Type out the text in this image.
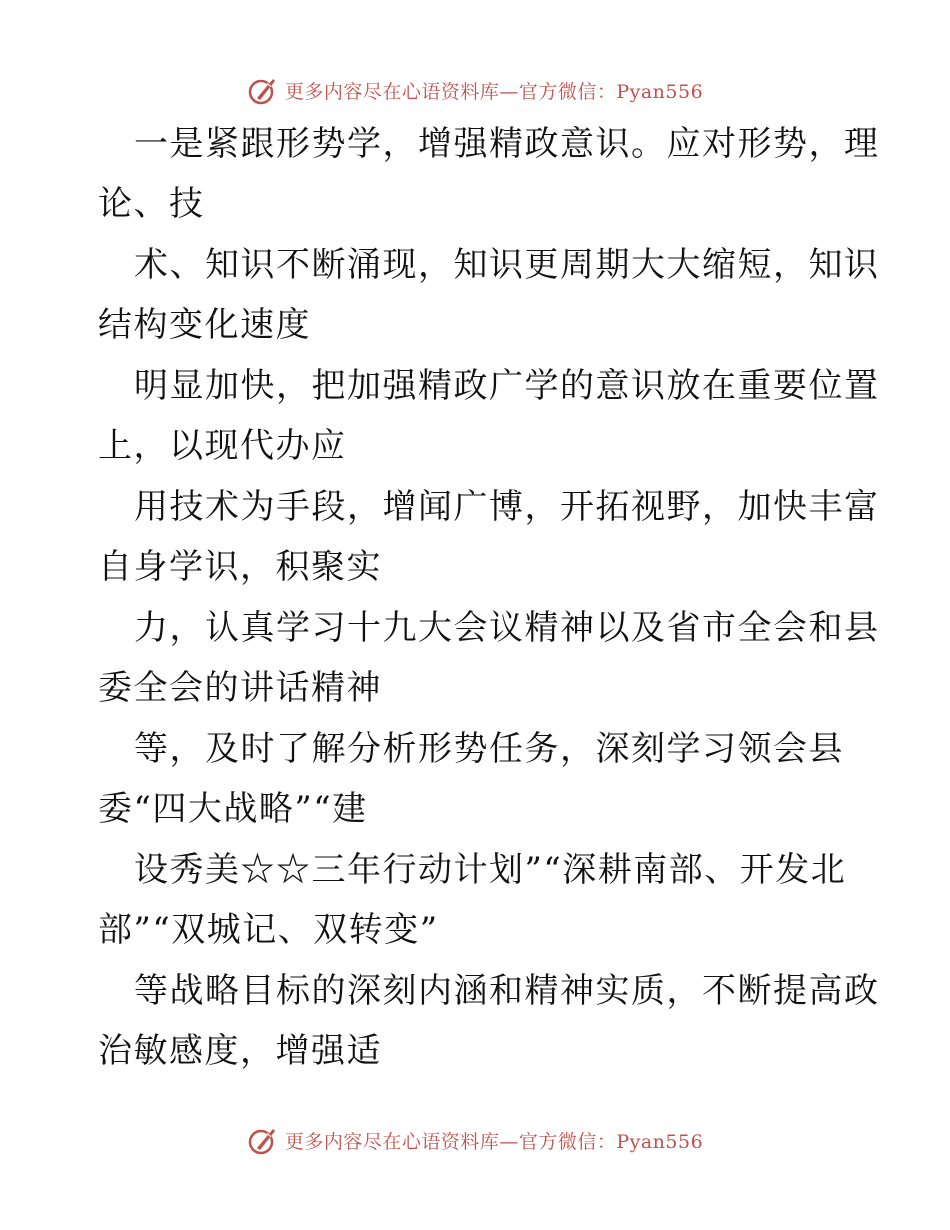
更多内容尽在心语资料库—官方微信：Pyan556
一是紧跟形势学，增强精政意识。应对形势，理
论、技
术、知识不断涌现，知识更周期大大缩短，知识
结构变化速度
明显加快，把加强精政广学的意识放在重要位置
上，以现代办应
用技术为手段，增闻广博，开拓视野，加快丰富
自身学识，积聚实
力，认真学习十九大会议精神以及省市全会和县
委全会的讲话精神
等，及时了解分析形势任务，深刻学习领会县
委“四大战略”“建
设秀美☆☆三年行动计划”“深耕南部、开发北
部”“双城记、双转变”
等战略目标的深刻内涵和精神实质，不断提高政
治敏感度，增强适
更多内容尽在心语资料库—官方微信：Pyan556
